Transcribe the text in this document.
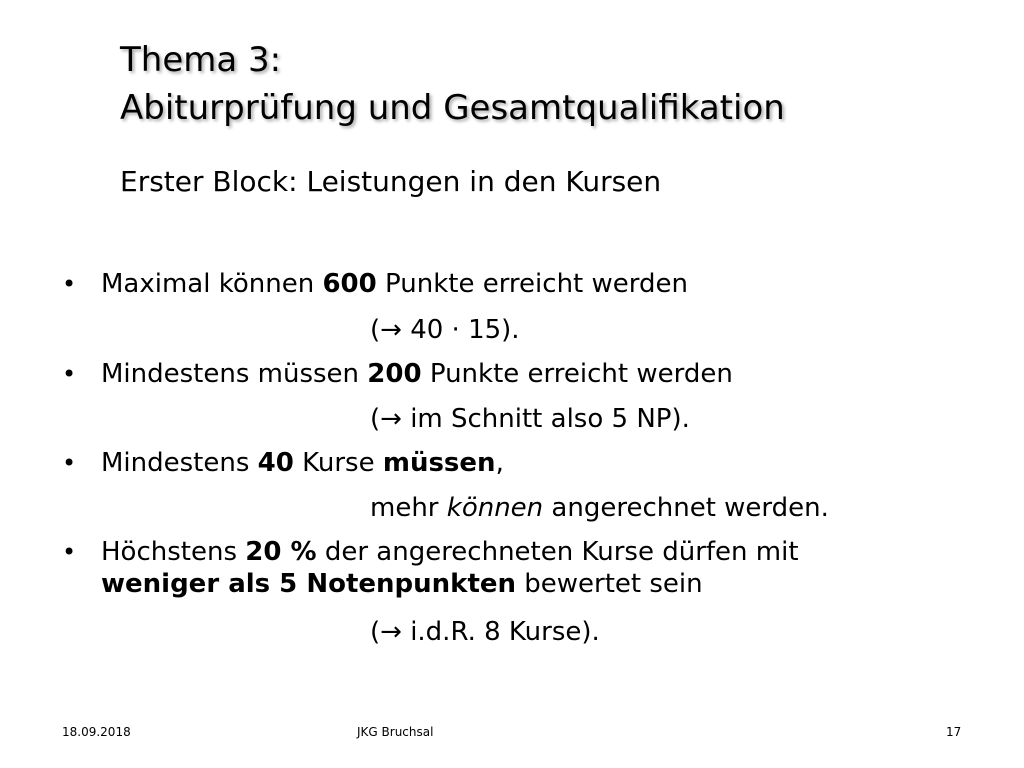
Thema 3:
Abiturprüfung und Gesamtqualifikation
Erster Block: Leistungen in den Kursen
• Maximal können 600 Punkte erreicht werden
(→ 40 · 15).
• Mindestens müssen 200 Punkte erreicht werden
(→ im Schnitt also 5 NP).
• Mindestens 40 Kurse müssen,
mehr können angerechnet werden.
• Höchstens 20 % der angerechneten Kurse dürfen mit
weniger als 5 Notenpunkten bewertet sein
(→ i.d.R. 8 Kurse).
18.09.2018	JKG Bruchsal	17
